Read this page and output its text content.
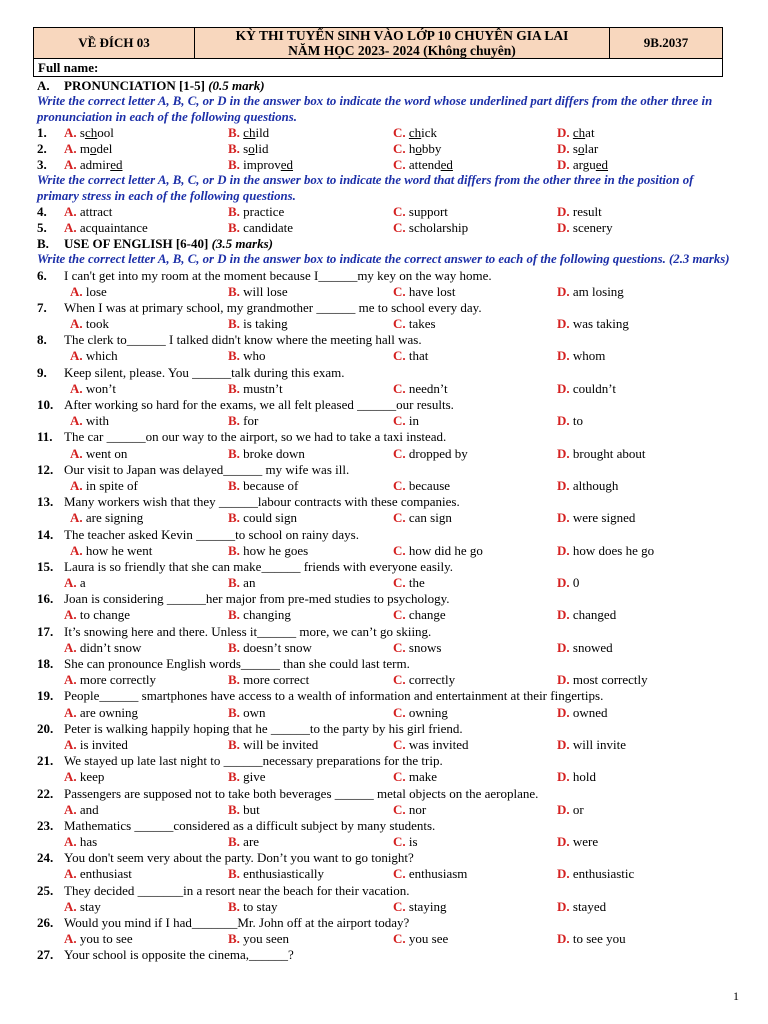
VỀ ĐÍCH 03	KỲ THI TUYỂN SINH VÀO LỚP 10 CHUYÊN GIA LAI
NĂM HỌC 2023- 2024 (Không chuyên)
	9B.2037
Full name:
A. PRONUNCIATION [1-5] (0.5 mark)
Write the correct letter A, B, C, or D in the answer box to indicate the word whose underlined part differs from the other three in pronunciation in each of the following questions.
1. A. school	B. child	C. chick	D. chat
2. A. model	B. solid	C. hobby	D. solar
3. A. admired	B. improved	C. attended	D. argued
Write the correct letter A, B, C, or D in the answer box to indicate the word that differs from the other three in the position of primary stress in each of the following questions.
4. A. attract	B. practice	C. support	D. result
5. A. acquaintance	B. candidate	C. scholarship	D. scenery
B. USE OF ENGLISH [6-40] (3.5 marks)
Write the correct letter A, B, C, or D in the answer box to indicate the correct answer to each of the following questions. (2.3 marks)
6. I can't get into my room at the moment because I______my key on the way home.
A. lose	B. will lose	C. have lost	D. am losing
7. When I was at primary school, my grandmother ______ me to school every day.
A. took	B. is taking	C. takes	D. was taking
8. The clerk to______ I talked didn't know where the meeting hall was.
A. which	B. who	C. that	D. whom
9. Keep silent, please. You ______talk during this exam.
A. won’t	B. mustn’t	C. needn’t	D. couldn’t
10. After working so hard for the exams, we all felt pleased ______our results.
A. with	B. for	C. in	D. to
11. The car ______on our way to the airport, so we had to take a taxi instead.
A. went on	B. broke down	C. dropped by	D. brought about
12. Our visit to Japan was delayed______ my wife was ill.
A. in spite of	B. because of	C. because	D. although
13. Many workers wish that they ______labour contracts with these companies.
A. are signing	B. could sign	C. can sign	D. were signed
14. The teacher asked Kevin ______to school on rainy days.
A. how he went	B. how he goes	C. how did he go	D. how does he go
15. Laura is so friendly that she can make______ friends with everyone easily.
A. a	B. an	C. the	D. 0
16. Joan is considering ______her major from pre-med studies to psychology.
A. to change	B. changing	C. change	D. changed
17. It’s snowing here and there. Unless it______ more, we can’t go skiing.
A. didn’t snow	B. doesn’t snow	C. snows	D. snowed
18. She can pronounce English words______ than she could last term.
A. more correctly	B. more correct	C. correctly	D. most correctly
19. People______ smartphones have access to a wealth of information and entertainment at their fingertips.
A. are owning	B. own	C. owning	D. owned
20. Peter is walking happily hoping that he ______to the party by his girl friend.
A. is invited	B. will be invited	C. was invited	D. will invite
21. We stayed up late last night to ______necessary preparations for the trip.
A. keep	B. give	C. make	D. hold
22. Passengers are supposed not to take both beverages ______ metal objects on the aeroplane.
A. and	B. but	C. nor	D. or
23. Mathematics ______considered as a difficult subject by many students.
A. has	B. are	C. is	D. were
24. You don't seem very about the party. Don’t you want to go tonight?
A. enthusiast	B. enthusiastically	C. enthusiasm	D. enthusiastic
25. They decided _______in a resort near the beach for their vacation.
A. stay	B. to stay	C. staying	D. stayed
26. Would you mind if I had_______Mr. John off at the airport today?
A. you to see	B. you seen	C. you see	D. to see you
27. Your school is opposite the cinema,______?
1
